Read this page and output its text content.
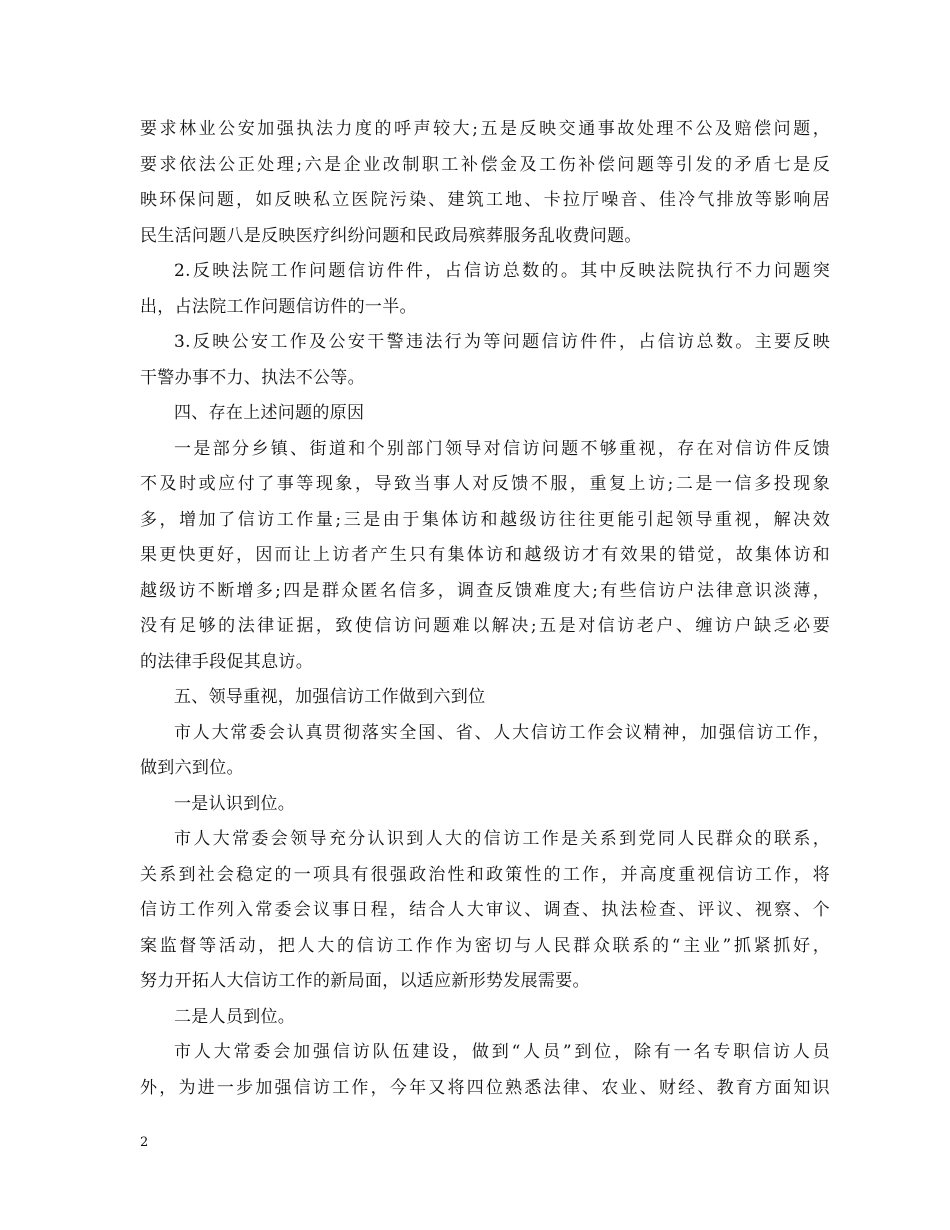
要求林业公安加强执法力度的呼声较大;五是反映交通事故处理不公及赔偿问题，
要求依法公正处理;六是企业改制职工补偿金及工伤补偿问题等引发的矛盾七是反
映环保问题，如反映私立医院污染、建筑工地、卡拉厅噪音、佳冷气排放等影响居
民生活问题八是反映医疗纠纷问题和民政局殡葬服务乱收费问题。
2.反映法院工作问题信访件件，占信访总数的。其中反映法院执行不力问题突
出，占法院工作问题信访件的一半。
3.反映公安工作及公安干警违法行为等问题信访件件，占信访总数。主要反映
干警办事不力、执法不公等。
四、存在上述问题的原因
一是部分乡镇、街道和个别部门领导对信访问题不够重视，存在对信访件反馈
不及时或应付了事等现象，导致当事人对反馈不服，重复上访;二是一信多投现象
多，增加了信访工作量;三是由于集体访和越级访往往更能引起领导重视，解决效
果更快更好，因而让上访者产生只有集体访和越级访才有效果的错觉，故集体访和
越级访不断增多;四是群众匿名信多，调查反馈难度大;有些信访户法律意识淡薄，
没有足够的法律证据，致使信访问题难以解决;五是对信访老户、缠访户缺乏必要
的法律手段促其息访。
五、领导重视，加强信访工作做到六到位
市人大常委会认真贯彻落实全国、省、人大信访工作会议精神，加强信访工作，
做到六到位。
一是认识到位。
市人大常委会领导充分认识到人大的信访工作是关系到党同人民群众的联系，
关系到社会稳定的一项具有很强政治性和政策性的工作，并高度重视信访工作，将
信访工作列入常委会议事日程，结合人大审议、调查、执法检查、评议、视察、个
案监督等活动，把人大的信访工作作为密切与人民群众联系的“主业”抓紧抓好，
努力开拓人大信访工作的新局面，以适应新形势发展需要。
二是人员到位。
市人大常委会加强信访队伍建设，做到“人员”到位，除有一名专职信访人员
外，为进一步加强信访工作，今年又将四位熟悉法律、农业、财经、教育方面知识
2
